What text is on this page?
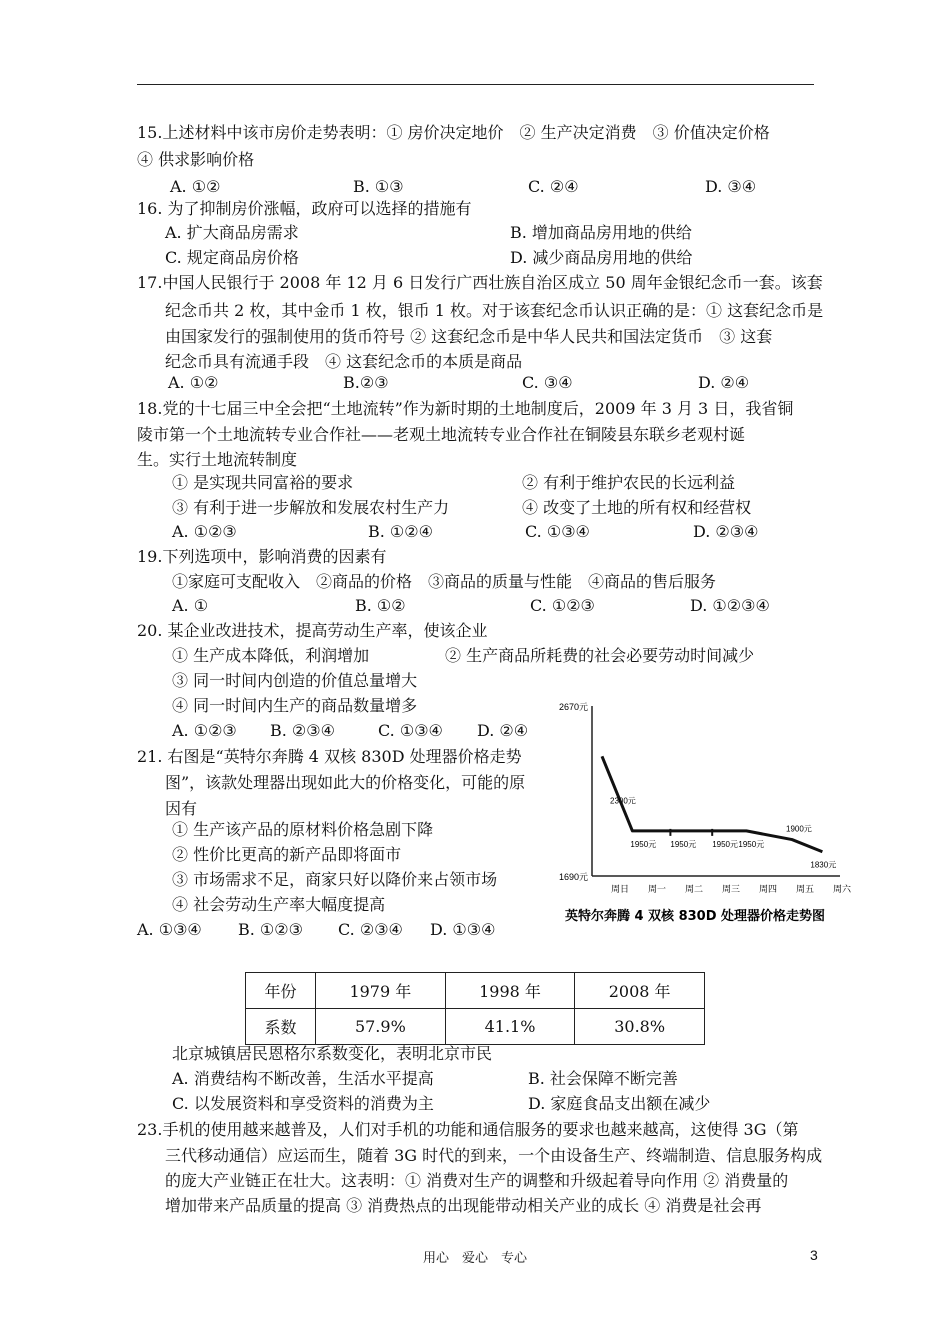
15.上述材料中该市房价走势表明：① 房价决定地价　② 生产决定消费　③ 价值决定价格
④ 供求影响价格
A. ①②	B. ①③	C. ②④	D. ③④
16. 为了抑制房价涨幅，政府可以选择的措施有
A. 扩大商品房需求	B. 增加商品房用地的供给
C. 规定商品房价格	D. 减少商品房用地的供给
17.中国人民银行于 2008 年 12 月 6 日发行广西壮族自治区成立 50 周年金银纪念币一套。该套
纪念币共 2 枚，其中金币 1 枚，银币 1 枚。对于该套纪念币认识正确的是：① 这套纪念币是
由国家发行的强制使用的货币符号 ② 这套纪念币是中华人民共和国法定货币　③ 这套
纪念币具有流通手段　④ 这套纪念币的本质是商品
A. ①②	B.②③	C. ③④	D. ②④
18.党的十七届三中全会把“土地流转”作为新时期的土地制度后，2009 年 3 月 3 日，我省铜
陵市第一个土地流转专业合作社——老观土地流转专业合作社在铜陵县东联乡老观村诞
生。实行土地流转制度
① 是实现共同富裕的要求	② 有利于维护农民的长远利益
③ 有利于进一步解放和发展农村生产力	④ 改变了土地的所有权和经营权
A. ①②③	B. ①②④	C. ①③④	D. ②③④
19.下列选项中，影响消费的因素有
①家庭可支配收入　②商品的价格　③商品的质量与性能　④商品的售后服务
A. ①	B. ①②	C. ①②③	D. ①②③④
20. 某企业改进技术，提高劳动生产率，使该企业
① 生产成本降低，利润增加	② 生产商品所耗费的社会必要劳动时间减少
③ 同一时间内创造的价值总量增大
④ 同一时间内生产的商品数量增多
A. ①②③ B. ②③④	C. ①③④ D. ②④
21. 右图是“英特尔奔腾 4 双核 830D 处理器价格走势
图”，该款处理器出现如此大的价格变化，可能的原
因有
① 生产该产品的原材料价格急剧下降
② 性价比更高的新产品即将面市
③ 市场需求不足，商家只好以降价来占领市场
④ 社会劳动生产率大幅度提高
A. ①③④ B. ①②③ C. ②③④ D. ①③④
2670元
1690元
周日 周一 周二 周三 周四 周五 周六
2300元
1950元 1950元 1950元 1950元
1900元
1830元
英特尔奔腾 4 双核 830D 处理器价格走势图
年份	1979 年	1998 年	2008 年
系数	57.9%	41.1%	30.8%
北京城镇居民恩格尔系数变化，表明北京市民
A. 消费结构不断改善，生活水平提高	B. 社会保障不断完善
C. 以发展资料和享受资料的消费为主	D. 家庭食品支出额在减少
23.手机的使用越来越普及，人们对手机的功能和通信服务的要求也越来越高，这使得 3G（第
三代移动通信）应运而生，随着 3G 时代的到来，一个由设备生产、终端制造、信息服务构成
的庞大产业链正在壮大。这表明：① 消费对生产的调整和升级起着导向作用 ② 消费量的
增加带来产品质量的提高 ③ 消费热点的出现能带动相关产业的成长 ④ 消费是社会再
用心　爱心　专心	3
